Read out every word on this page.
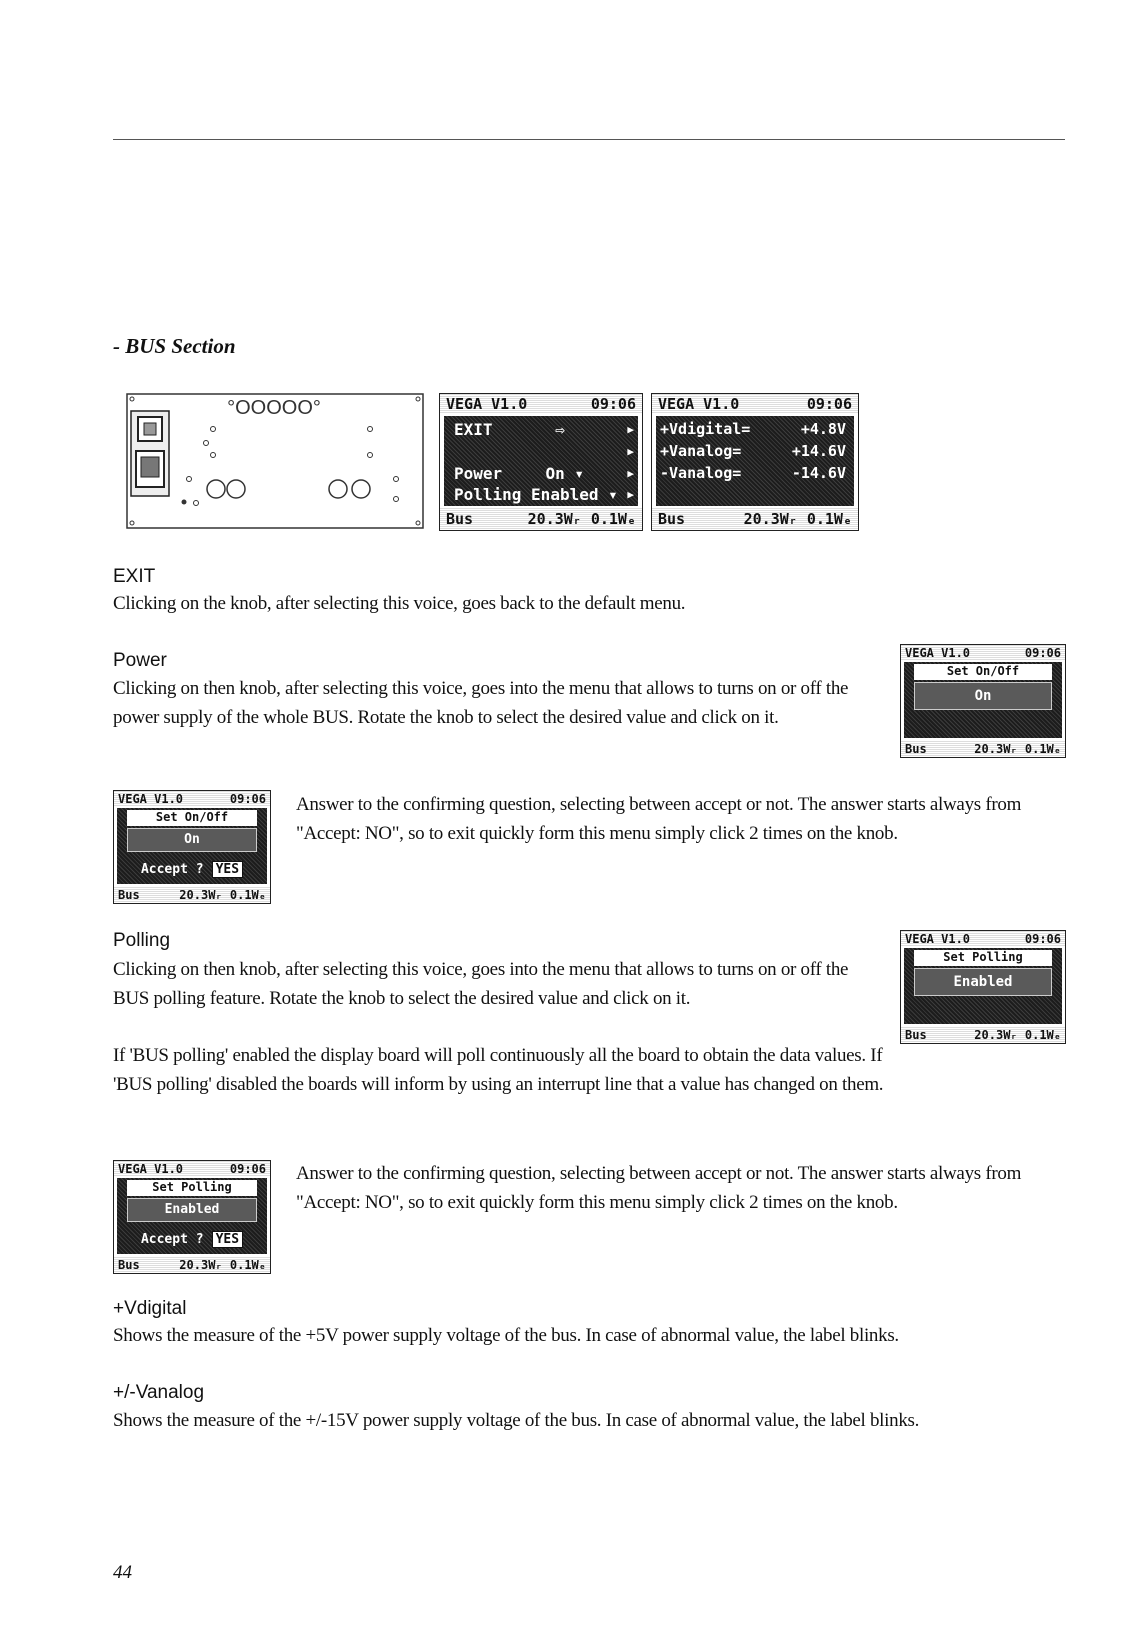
- BUS Section
°OOOOO°	VEGA V1.0	09:06
EXIT	⇨	▶
▶
Power	On ▾	▶
Polling Enabled ▾ ▶
Bus	20.3Wᵣ 0.1Wₑ
VEGA V1.0	09:06
+Vdigital=	+4.8V
+Vanalog=	+14.6V
-Vanalog=	-14.6V
Bus	20.3Wᵣ 0.1Wₑ
EXIT
Clicking on the knob, after selecting this voice, goes back to the default menu.
Power
Clicking on then knob, after selecting this voice, goes into the menu that allows to turns on or off the power supply of the whole BUS. Rotate the knob to select the desired value and click on it.
VEGA V1.0	09:06
Set On/Off
On
Bus	20.3Wᵣ 0.1Wₑ
VEGA V1.0	09:06
Set On/Off
On
Accept ? YES
Bus	20.3Wᵣ 0.1Wₑ
Answer to the confirming question, selecting between accept or not. The answer starts always from "Accept: NO", so to exit quickly form this menu simply click 2 times on the knob.
Polling
Clicking on then knob, after selecting this voice, goes into the menu that allows to turns on or off the BUS polling feature. Rotate the knob to select the desired value and click on it.
If 'BUS polling' enabled the display board will poll continuously all the board to obtain the data values. If 'BUS polling' disabled the boards will inform by using an interrupt line that a value has changed on them.
VEGA V1.0	09:06
Set Polling
Enabled
Bus	20.3Wᵣ 0.1Wₑ
VEGA V1.0	09:06
Set Polling
Enabled
Accept ? YES
Bus	20.3Wᵣ 0.1Wₑ
Answer to the confirming question, selecting between accept or not. The answer starts always from "Accept: NO", so to exit quickly form this menu simply click 2 times on the knob.
+Vdigital
Shows the measure of the +5V power supply voltage of the bus. In case of abnormal value, the label blinks.
+/-Vanalog
Shows the measure of the +/-15V power supply voltage of the bus. In case of abnormal value, the label blinks.
44
